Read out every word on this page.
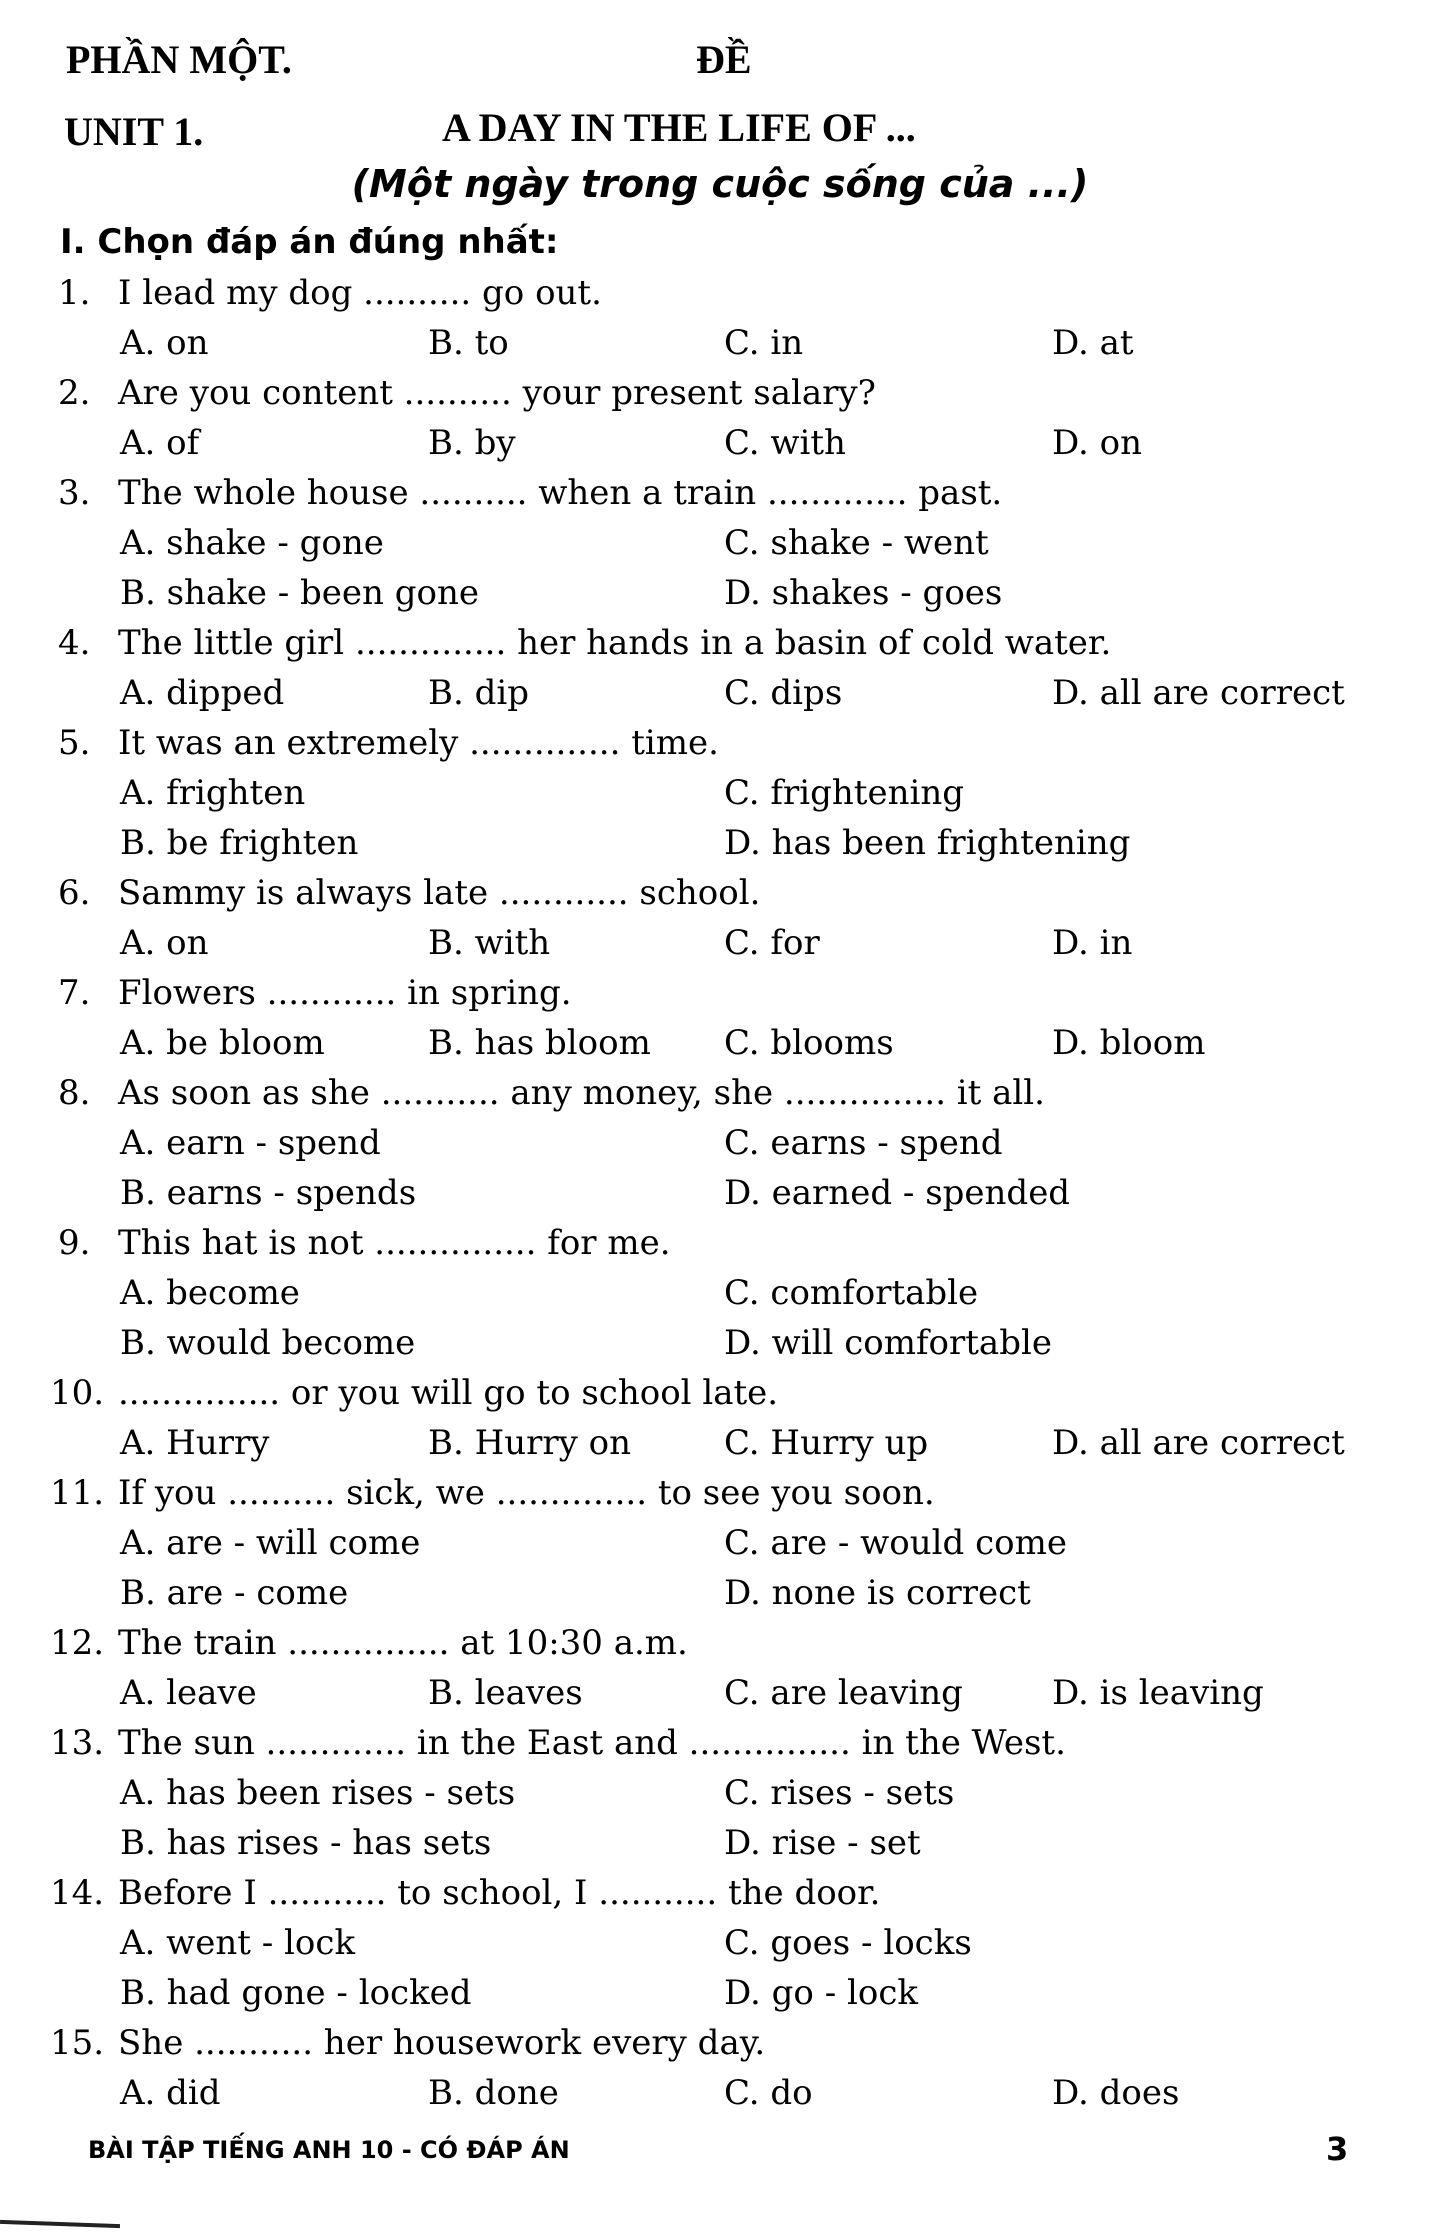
PHẦN MỘT.	ĐỀ
UNIT 1.	A DAY IN THE LIFE OF ...
(Một ngày trong cuộc sống của ...)
I. Chọn đáp án đúng nhất:
1. I lead my dog .......... go out.
A. on	B. to	C. in	D. at
2. Are you content .......... your present salary?
A. of	B. by	C. with	D. on
3. The whole house .......... when a train ............. past.
A. shake - gone	C. shake - went
B. shake - been gone	D. shakes - goes
4. The little girl .............. her hands in a basin of cold water.
A. dipped	B. dip	C. dips	D. all are correct
5. It was an extremely .............. time.
A. frighten	C. frightening
B. be frighten	D. has been frightening
6. Sammy is always late ............ school.
A. on	B. with	C. for	D. in
7. Flowers ............ in spring.
A. be bloom	B. has bloom C. blooms	D. bloom
8. As soon as she ........... any money, she ............... it all.
A. earn - spend	C. earns - spend
B. earns - spends	D. earned - spended
9. This hat is not ............... for me.
A. become	C. comfortable
B. would become	D. will comfortable
10. ............... or you will go to school late.
A. Hurry	B. Hurry on	C. Hurry up	D. all are correct
11. If you .......... sick, we .............. to see you soon.
A. are - will come	C. are - would come
B. are - come	D. none is correct
12. The train ............... at 10:30 a.m.
A. leave	B. leaves	C. are leaving	D. is leaving
13. The sun ............. in the East and ............... in the West.
A. has been rises - sets	C. rises - sets
B. has rises - has sets	D. rise - set
14. Before I ........... to school, I ........... the door.
A. went - lock	C. goes - locks
B. had gone - locked	D. go - lock
15. She ........... her housework every day.
A. did	B. done	C. do	D. does
BÀI TẬP TIẾNG ANH 10 - CÓ ĐÁP ÁN	3
